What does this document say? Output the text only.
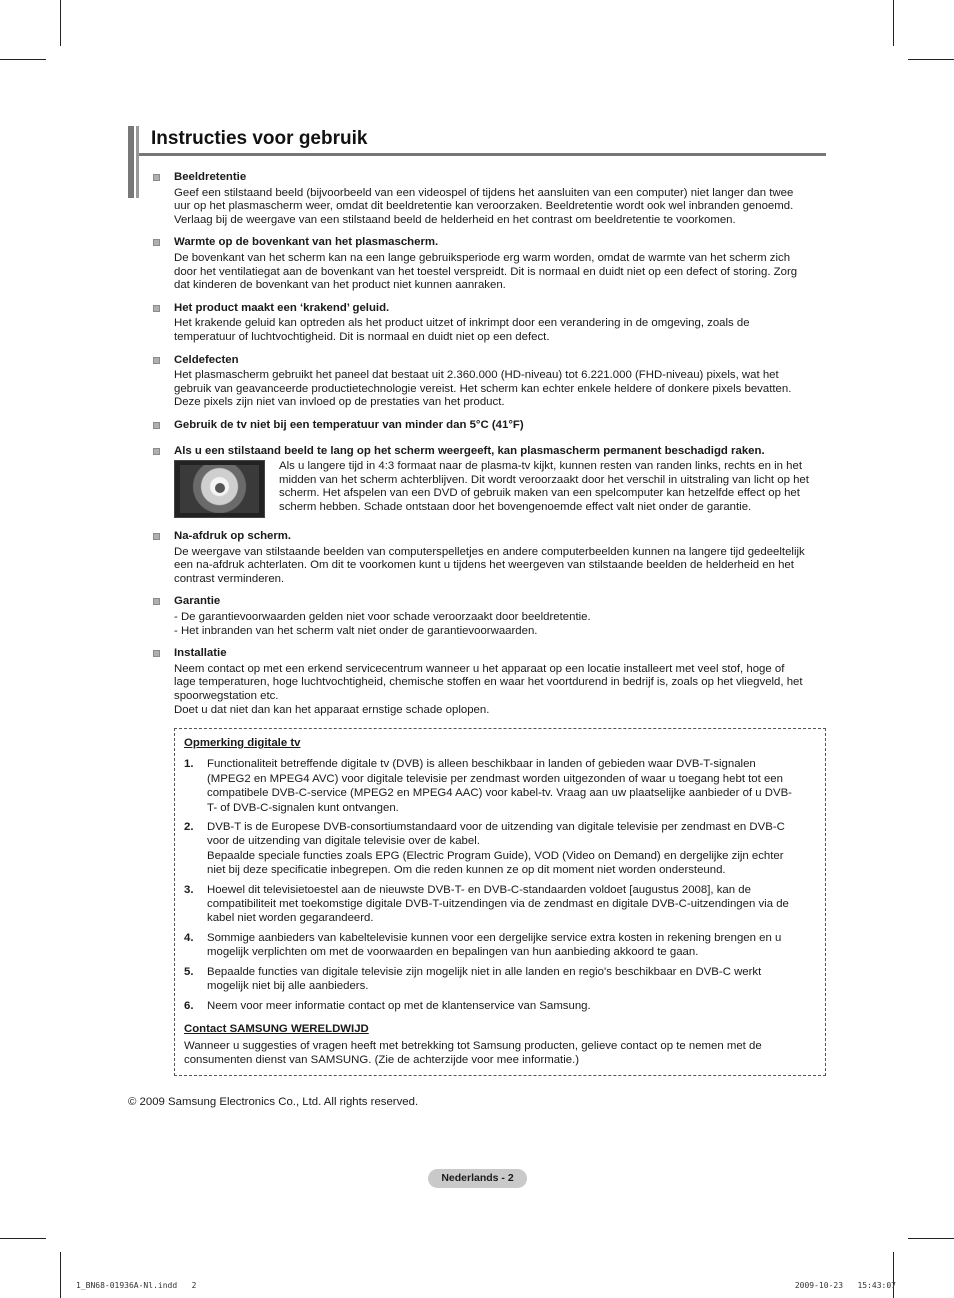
Instructies voor gebruik
Beeldretentie
Geef een stilstaand beeld (bijvoorbeeld van een videospel of tijdens het aansluiten van een computer) niet langer dan twee
uur op het plasmascherm weer, omdat dit beeldretentie kan veroorzaken. Beeldretentie wordt ook wel inbranden genoemd.
Verlaag bij de weergave van een stilstaand beeld de helderheid en het contrast om beeldretentie te voorkomen.
Warmte op de bovenkant van het plasmascherm.
De bovenkant van het scherm kan na een lange gebruiksperiode erg warm worden, omdat de warmte van het scherm zich
door het ventilatiegat aan de bovenkant van het toestel verspreidt. Dit is normaal en duidt niet op een defect of storing. Zorg
dat kinderen de bovenkant van het product niet kunnen aanraken.
Het product maakt een ‘krakend’ geluid.
Het krakende geluid kan optreden als het product uitzet of inkrimpt door een verandering in de omgeving, zoals de
temperatuur of luchtvochtigheid. Dit is normaal en duidt niet op een defect.
Celdefecten
Het plasmascherm gebruikt het paneel dat bestaat uit 2.360.000 (HD-niveau) tot 6.221.000 (FHD-niveau) pixels, wat het
gebruik van geavanceerde productietechnologie vereist. Het scherm kan echter enkele heldere of donkere pixels bevatten.
Deze pixels zijn niet van invloed op de prestaties van het product.
Gebruik de tv niet bij een temperatuur van minder dan 5°C (41°F)
Als u een stilstaand beeld te lang op het scherm weergeeft, kan plasmascherm permanent beschadigd raken.
Als u langere tijd in 4:3 formaat naar de plasma-tv kijkt, kunnen resten van randen links, rechts en in het
midden van het scherm achterblijven. Dit wordt veroorzaakt door het verschil in uitstraling van licht op het
scherm. Het afspelen van een DVD of gebruik maken van een spelcomputer kan hetzelfde effect op het
scherm hebben. Schade ontstaan door het bovengenoemde effect valt niet onder de garantie.
Na-afdruk op scherm.
De weergave van stilstaande beelden van computerspelletjes en andere computerbeelden kunnen na langere tijd gedeeltelijk
een na-afdruk achterlaten. Om dit te voorkomen kunt u tijdens het weergeven van stilstaande beelden de helderheid en het
contrast verminderen.
Garantie
- De garantievoorwaarden gelden niet voor schade veroorzaakt door beeldretentie.
- Het inbranden van het scherm valt niet onder de garantievoorwaarden.
Installatie
Neem contact op met een erkend servicecentrum wanneer u het apparaat op een locatie installeert met veel stof, hoge of
lage temperaturen, hoge luchtvochtigheid, chemische stoffen en waar het voortdurend in bedrijf is, zoals op het vliegveld, het
spoorwegstation etc.
Doet u dat niet dan kan het apparaat ernstige schade oplopen.
Opmerking digitale tv
1.	Functionaliteit betreffende digitale tv (DVB) is alleen beschikbaar in landen of gebieden waar DVB-T-signalen
(MPEG2 en MPEG4 AVC) voor digitale televisie per zendmast worden uitgezonden of waar u toegang hebt tot een
compatibele DVB-C-service (MPEG2 en MPEG4 AAC) voor kabel-tv. Vraag aan uw plaatselijke aanbieder of u DVB-
T- of DVB-C-signalen kunt ontvangen.
2.	DVB-T is de Europese DVB-consortiumstandaard voor de uitzending van digitale televisie per zendmast en DVB-C
voor de uitzending van digitale televisie over de kabel.
Bepaalde speciale functies zoals EPG (Electric Program Guide), VOD (Video on Demand) en dergelijke zijn echter
niet bij deze specificatie inbegrepen. Om die reden kunnen ze op dit moment niet worden ondersteund.
3.	Hoewel dit televisietoestel aan de nieuwste DVB-T- en DVB-C-standaarden voldoet [augustus 2008], kan de
compatibiliteit met toekomstige digitale DVB-T-uitzendingen via de zendmast en digitale DVB-C-uitzendingen via de
kabel niet worden gegarandeerd.
4.	Sommige aanbieders van kabeltelevisie kunnen voor een dergelijke service extra kosten in rekening brengen en u
mogelijk verplichten om met de voorwaarden en bepalingen van hun aanbieding akkoord te gaan.
5.	Bepaalde functies van digitale televisie zijn mogelijk niet in alle landen en regio's beschikbaar en DVB-C werkt
mogelijk niet bij alle aanbieders.
6.	Neem voor meer informatie contact op met de klantenservice van Samsung.
Contact SAMSUNG WERELDWIJD
Wanneer u suggesties of vragen heeft met betrekking tot Samsung producten, gelieve contact op te nemen met de
consumenten dienst van SAMSUNG. (Zie de achterzijde voor mee informatie.)
© 2009 Samsung Electronics Co., Ltd. All rights reserved.
Nederlands - 2
1_BN68-01936A-Nl.indd   2	2009-10-23   15:43:07
